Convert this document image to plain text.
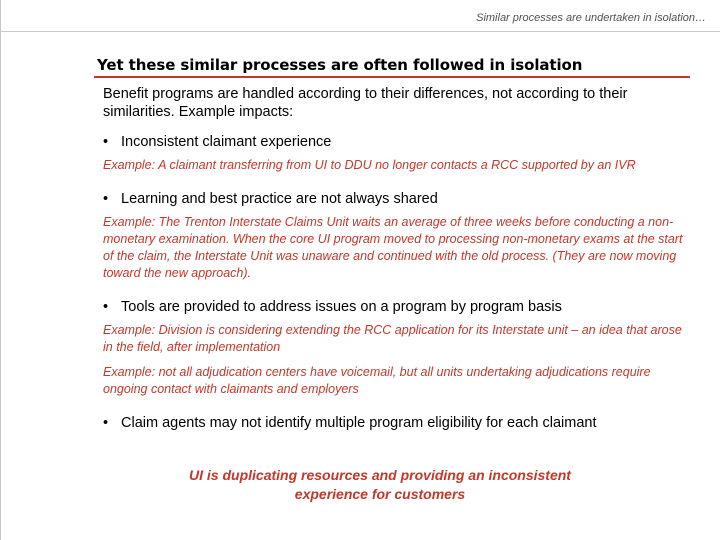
Similar processes are undertaken in isolation…
Yet these similar processes are often followed in isolation

Benefit programs are handled according to their differences, not according to their similarities. Example impacts:

• Inconsistent claimant experience

Example: A claimant transferring from UI to DDU no longer contacts a RCC supported by an IVR

• Learning and best practice are not always shared

Example: The Trenton Interstate Claims Unit waits an average of three weeks before conducting a non-monetary examination. When the core UI program moved to processing non-monetary exams at the start of the claim, the Interstate Unit was unaware and continued with the old process. (They are now moving toward the new approach).

• Tools are provided to address issues on a program by program basis

Example: Division is considering extending the RCC application for its Interstate unit – an idea that arose in the field, after implementation

Example: not all adjudication centers have voicemail, but all units undertaking adjudications require ongoing contact with claimants and employers

• Claim agents may not identify multiple program eligibility for each claimant
UI is duplicating resources and providing an inconsistent
experience for customers
